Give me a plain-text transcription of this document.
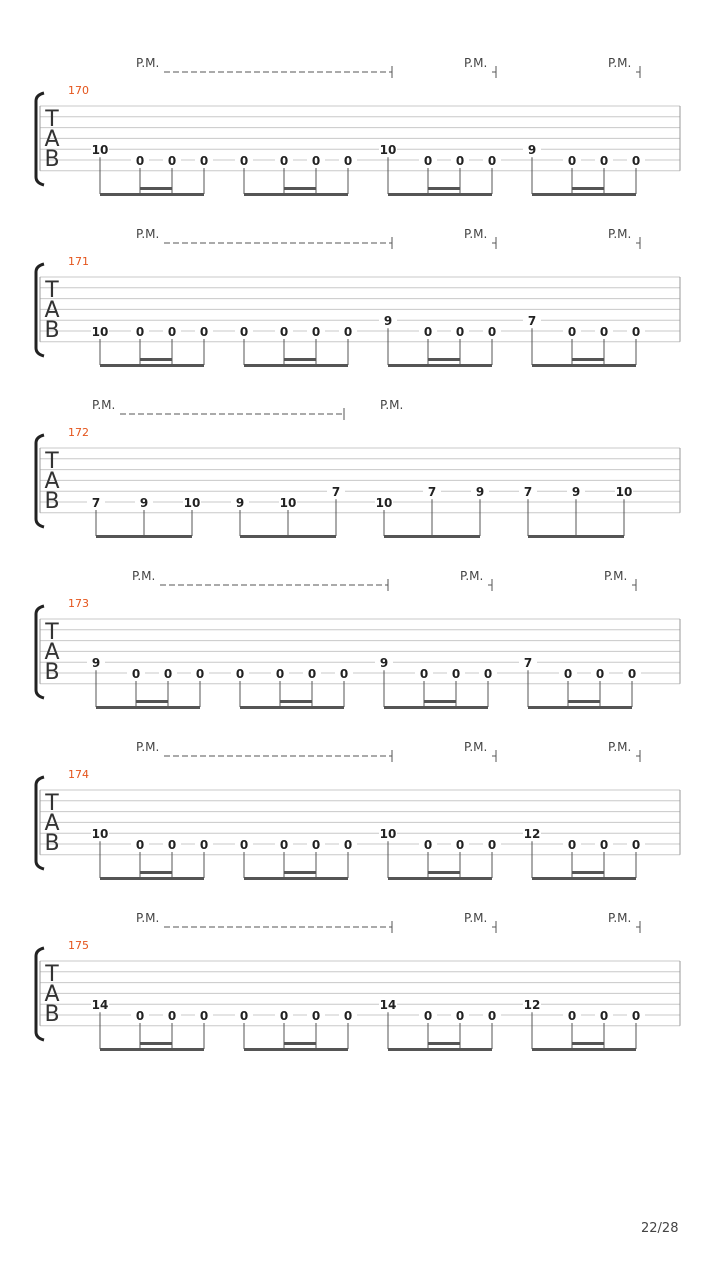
T
A
B
170
P.M.	P.M.	P.M.
10
0 0 0	0	0 0 0
10
0 0 0
9
0 0 0
T
A
B
171
P.M.	P.M.	P.M.
10 0 0 0	0	0 0 0
9
0 0 0
7
0 0 0
T
A
B
172
P.M.	P.M.
7	9	10	9	10
7
10
7	9	7	9	10
T
A
B
173
P.M.	P.M.	P.M.
9
0 0 0	0	0 0 0
9
0 0 0
7
0 0 0
T
A
B
174
P.M.	P.M.	P.M.
10
0 0 0	0	0 0 0
10
0 0 0
12
0 0 0
T
A
B
175
P.M.	P.M.	P.M.
14
0 0 0	0	0 0 0
14
0 0 0
12
0 0 0
22/28
